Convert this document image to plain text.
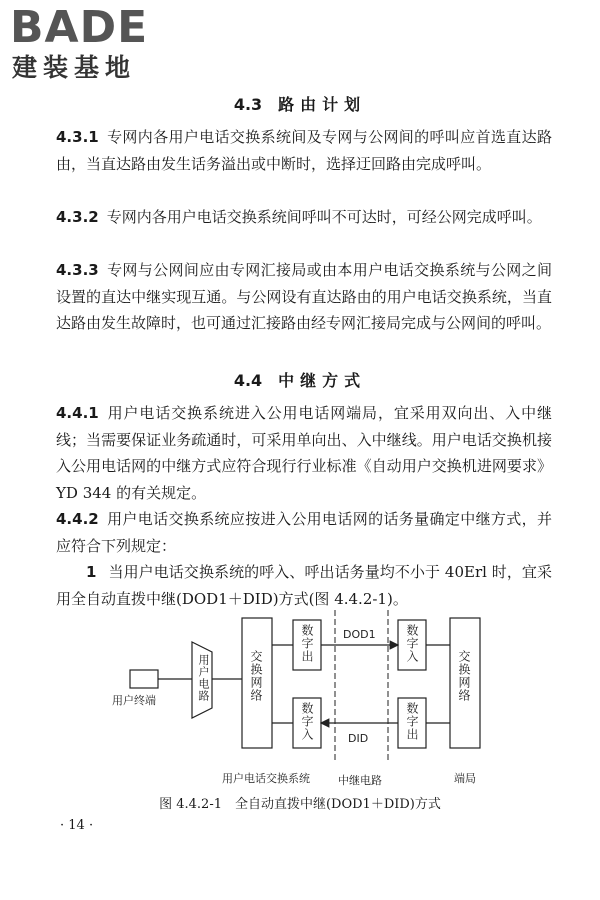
BADE
建装基地
4.3 路由计划
4.3.1 专网内各用户电话交换系统间及专网与公网间的呼叫应首选直达路由，当直达路由发生话务溢出或中断时，选择迂回路由完成呼叫。
4.3.2 专网内各用户电话交换系统间呼叫不可达时，可经公网完成呼叫。
4.3.3 专网与公网间应由专网汇接局或由本用户电话交换系统与公网之间设置的直达中继实现互通。与公网设有直达路由的用户电话交换系统，当直达路由发生故障时，也可通过汇接路由经专网汇接局完成与公网间的呼叫。
4.4 中继方式
4.4.1 用户电话交换系统进入公用电话网端局，宜采用双向出、入中继线；当需要保证业务疏通时，可采用单向出、入中继线。用户电话交换机接入公用电话网的中继方式应符合现行行业标准《自动用户交换机进网要求》YD 344 的有关规定。
4.4.2 用户电话交换系统应按进入公用电话网的话务量确定中继方式，并应符合下列规定：
1 当用户电话交换系统的呼入、呼出话务量均不小于 40Erl 时，宜采用全自动直拨中继(DOD1＋DID)方式(图 4.4.2-1)。
用户电路	交换网络
数字出
数字入
数字入
数字出
交换网络
用户终端
DOD1
DID
用户电话交换系统	中继电路	端局
图 4.4.2-1　全自动直拨中继(DOD1＋DID)方式
· 14 ·
